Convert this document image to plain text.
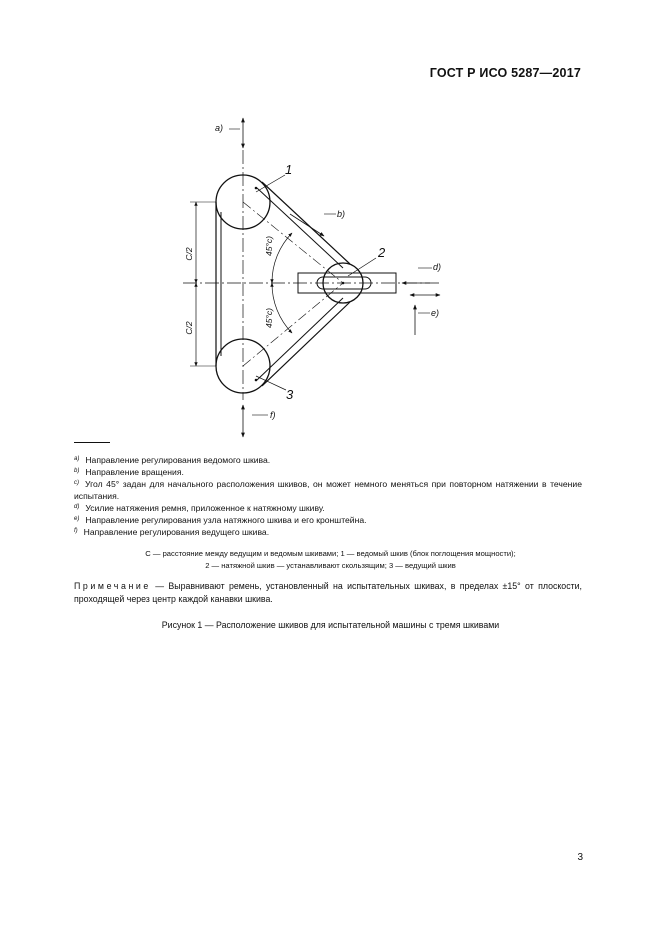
ГОСТ Р ИСО 5287—2017
a)
b)
d)
e)
f)
1
2
3
C/2
C/2
45°c)
45°c)
$^{a)}$ Направление регулирования ведомого шкива.
$^{b)}$ Направление вращения.
$^{c)}$ Угол 45° задан для начального расположения шкивов, он может немного меняться при повторном натяжении в течение испытания.
$^{d)}$ Усилие натяжения ремня, приложенное к натяжному шкиву.
$^{e)}$ Направление регулирования узла натяжного шкива и его кронштейна.
$^{f)}$ Направление регулирования ведущего шкива.
C — расстояние между ведущим и ведомым шкивами; 1 — ведомый шкив (блок поглощения мощности);
2 — натяжной шкив — устанавливают скользящим; 3 — ведущий шкив
Примечание — Выравнивают ремень, установленный на испытательных шкивах, в пределах ±15° от плоскости, проходящей через центр каждой канавки шкива.
Рисунок 1 — Расположение шкивов для испытательной машины с тремя шкивами
3
